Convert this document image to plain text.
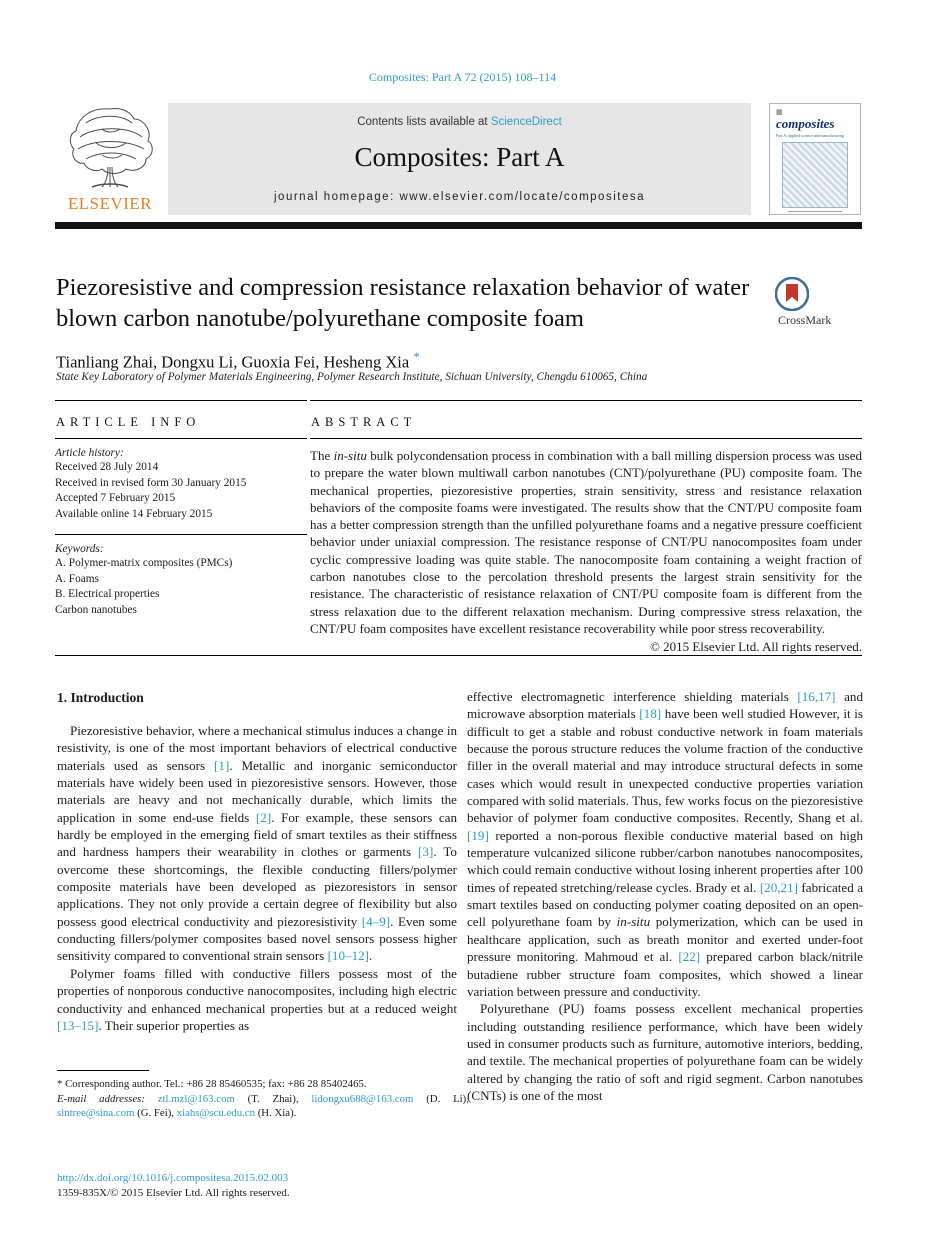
Composites: Part A 72 (2015) 108–114
ELSEVIER
Contents lists available at ScienceDirect
Composites: Part A
journal homepage: www.elsevier.com/locate/compositesa
▦
composites
Part A: applied science and manufacturing
Piezoresistive and compression resistance relaxation behavior of water blown carbon nanotube/polyurethane composite foam	CrossMark
Tianliang Zhai, Dongxu Li, Guoxia Fei, Hesheng Xia *
State Key Laboratory of Polymer Materials Engineering, Polymer Research Institute, Sichuan University, Chengdu 610065, China
ARTICLE INFO
Article history:
Received 28 July 2014
Received in revised form 30 January 2015
Accepted 7 February 2015
Available online 14 February 2015
Keywords:
A. Polymer-matrix composites (PMCs)
A. Foams
B. Electrical properties
Carbon nanotubes
ABSTRACT
The in-situ bulk polycondensation process in combination with a ball milling dispersion process was used to prepare the water blown multiwall carbon nanotubes (CNT)/polyurethane (PU) composite foam. The mechanical properties, piezoresistive properties, strain sensitivity, stress and resistance relaxation behaviors of the composite foams were investigated. The results show that the CNT/PU composite foam has a better compression strength than the unfilled polyurethane foams and a negative pressure coefficient behavior under uniaxial compression. The resistance response of CNT/PU nanocomposites foam under cyclic compressive loading was quite stable. The nanocomposite foam containing a weight fraction of carbon nanotubes close to the percolation threshold presents the largest strain sensitivity for the resistance. The characteristic of resistance relaxation of CNT/PU composite foam is different from the stress relaxation due to the different relaxation mechanism. During compressive stress relaxation, the CNT/PU foam composites have excellent resistance recoverability while poor stress recoverability.
© 2015 Elsevier Ltd. All rights reserved.
1. Introduction

Piezoresistive behavior, where a mechanical stimulus induces a change in resistivity, is one of the most important behaviors of electrical conductive materials used as sensors [1]. Metallic and inorganic semiconductor materials have widely been used in piezoresistive sensors. However, those materials are heavy and not mechanically durable, which limits the application in some end-use fields [2]. For example, these sensors can hardly be employed in the emerging field of smart textiles as their stiffness and hardness hampers their wearability in clothes or garments [3]. To overcome these shortcomings, the flexible conducting fillers/polymer composite materials have been developed as piezoresistors in sensor applications. They not only provide a certain degree of flexibility but also possess good electrical conductivity and piezoresistivity [4–9]. Even some conducting fillers/polymer composites based novel sensors possess higher sensitivity compared to conventional strain sensors [10–12].

Polymer foams filled with conductive fillers possess most of the properties of nonporous conductive nanocomposites, including high electric conductivity and enhanced mechanical properties but at a reduced weight [13–15]. Their superior properties as

effective electromagnetic interference shielding materials [16,17] and microwave absorption materials [18] have been well studied However, it is difficult to get a stable and robust conductive network in foam materials because the porous structure reduces the volume fraction of the conductive filler in the overall material and may introduce structural defects in some cases which would result in unexpected conductive properties variation compared with solid materials. Thus, few works focus on the piezoresistive behavior of polymer foam conductive composites. Recently, Shang et al. [19] reported a non-porous flexible conductive material based on high temperature vulcanized silicone rubber/carbon nanotubes nanocomposites, which could remain conductive without losing inherent properties after 100 times of repeated stretching/release cycles. Brady et al. [20,21] fabricated a smart textiles based on conducting polymer coating deposited on an open-cell polyurethane foam by in-situ polymerization, which can be used in healthcare application, such as breath monitor and exerted under-foot pressure monitoring. Mahmoud et al. [22] prepared carbon black/nitrile butadiene rubber structure foam composites, which showed a linear variation between pressure and conductivity.

Polyurethane (PU) foams possess excellent mechanical properties including outstanding resilience performance, which have been widely used in consumer products such as furniture, automotive interiors, bedding, and textile. The mechanical properties of polyurethane foam can be widely altered by changing the ratio of soft and rigid segment. Carbon nanotubes (CNTs) is one of the most

* Corresponding author. Tel.: +86 28 85460535; fax: +86 28 85402465.
E-mail addresses: ztl.mzl@163.com (T. Zhai), lidongxu688@163.com (D. Li), sintree@sina.com (G. Fei), xiahs@scu.edu.cn (H. Xia).
http://dx.doi.org/10.1016/j.compositesa.2015.02.003
1359-835X/© 2015 Elsevier Ltd. All rights reserved.
